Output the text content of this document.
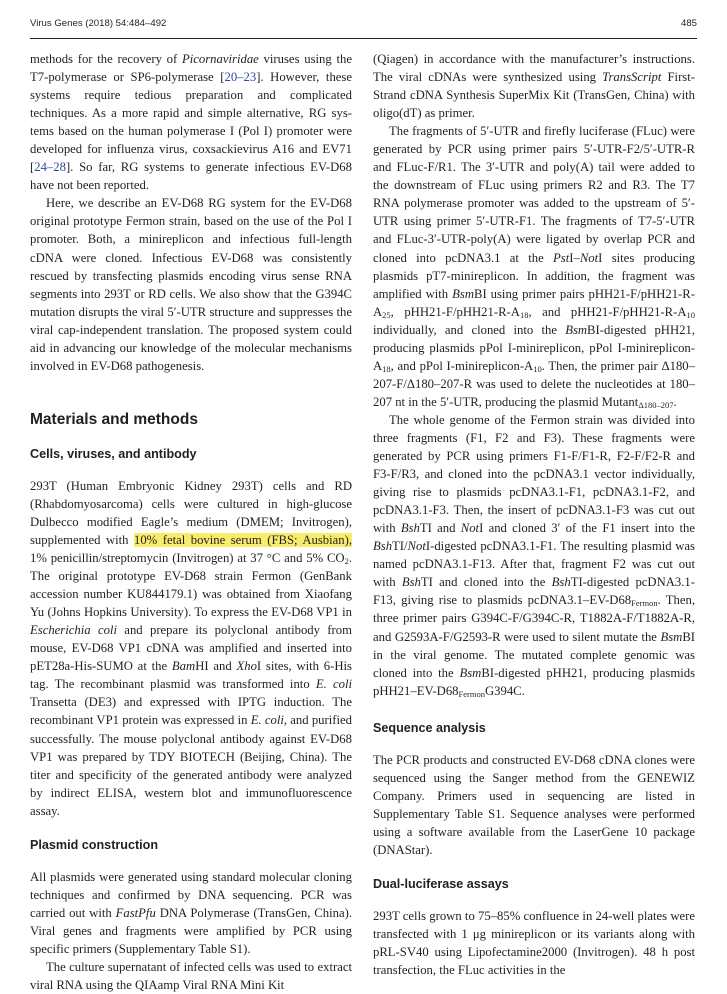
Virus Genes (2018) 54:484–492	485

methods for the recovery of Picornaviridae viruses using the T7-polymerase or SP6-polymerase [20–23]. However, these systems require tedious preparation and complicated techniques. As a more rapid and simple alternative, RG sys-tems based on the human polymerase I (Pol I) promoter were developed for influenza virus, coxsackievirus A16 and EV71 [24–28]. So far, RG systems to generate infectious EV-D68 have not been reported.

Here, we describe an EV-D68 RG system for the EV-D68 original prototype Fermon strain, based on the use of the Pol I promoter. Both, a minireplicon and infectious full-length cDNA were cloned. Infectious EV-D68 was consistently rescued by transfecting plasmids encoding virus sense RNA segments into 293T or RD cells. We also show that the G394C mutation disrupts the viral 5′-UTR structure and suppresses the viral cap-independent translation. The proposed system could aid in advancing our knowledge of the molecular mechanisms involved in EV-D68 pathogenesis.

Materials and methods
Cells, viruses, and antibody

293T (Human Embryonic Kidney 293T) cells and RD (Rhabdomyosarcoma) cells were cultured in high-glucose Dulbecco modified Eagle’s medium (DMEM; Invitrogen), supplemented with 10% fetal bovine serum (FBS; Ausbian), 1% penicillin/streptomycin (Invitrogen) at 37 °C and 5% $CO_2$. The original prototype EV-D68 strain Fermon (GenBank accession number KU844179.1) was obtained from Xiaofang Yu (Johns Hopkins University). To express the EV-D68 VP1 in Escherichia coli and prepare its polyclonal antibody from mouse, EV-D68 VP1 cDNA was amplified and inserted into pET28a-His-SUMO at the BamHI and XhoI sites, with 6-His tag. The recombinant plasmid was transformed into E. coli Transetta (DE3) and expressed with IPTG induction. The recombinant VP1 protein was expressed in E. coli, and purified successfully. The mouse polyclonal antibody against EV-D68 VP1 was prepared by TDY BIOTECH (Beijing, China). The titer and specificity of the generated antibody were analyzed by indirect ELISA, western blot and immunofluorescence assay.

Plasmid construction

All plasmids were generated using standard molecular cloning techniques and confirmed by DNA sequencing. PCR was carried out with FastPfu DNA Polymerase (TransGen, China). Viral genes and fragments were amplified by PCR using specific primers (Supplementary Table S1).

The culture supernatant of infected cells was used to extract viral RNA using the QIAamp Viral RNA Mini Kit

(Qiagen) in accordance with the manufacturer’s instructions. The viral cDNAs were synthesized using TransScript First-Strand cDNA Synthesis SuperMix Kit (TransGen, China) with oligo(dT) as primer.

The fragments of 5′-UTR and firefly luciferase (FLuc) were generated by PCR using primer pairs 5′-UTR-F2/5′-UTR-R and FLuc-F/R1. The 3′-UTR and poly(A) tail were added to the downstream of FLuc using primers R2 and R3. The T7 RNA polymerase promoter was added to the upstream of 5′-UTR using primer 5′-UTR-F1. The fragments of T7-5′-UTR and FLuc-3′-UTR-poly(A) were ligated by overlap PCR and cloned into pcDNA3.1 at the PstI–NotI sites producing plasmids pT7-minireplicon. In addition, the fragment was amplified with BsmBI using primer pairs $pHH21-F/pHH21-R-A_{25}$, $pHH21-F/pHH21-R-A_{18}$, and $pHH21-F/pHH21-R-A_{10}$ individually, and cloned into the BsmBI-digested pHH21, producing plasmids pPol I-minireplicon, pPol $I-minireplicon-A_{18}$, and pPol $I-minireplicon-A_{10}$. Then, the primer pair Δ180–207-F/Δ180–207-R was used to delete the nucleotides at 180–207 nt in the 5′-UTR, producing the plasmid Mutant$_{\Delta 180-207}$.

The whole genome of the Fermon strain was divided into three fragments (F1, F2 and F3). These fragments were generated by PCR using primers F1-F/F1-R, F2-F/F2-R and F3-F/R3, and cloned into the pcDNA3.1 vector individually, giving rise to plasmids pcDNA3.1-F1, pcDNA3.1-F2, and pcDNA3.1-F3. Then, the insert of pcDNA3.1-F3 was cut out with BshTI and NotI and cloned 3′ of the F1 insert into the BshTI/NotI-digested pcDNA3.1-F1. The resulting plasmid was named pcDNA3.1-F13. After that, fragment F2 was cut out with BshTI and cloned into the BshTI-digested pcDNA3.1-F13, giving rise to plasmids $pcDNA3.1-EV-D68_{Fermon}$. Then, three primer pairs G394C-F/G394C-R, T1882A-F/T1882A-R, and G2593A-F/G2593-R were used to silent mutate the BsmBI in the viral genome. The mutated complete genomic was cloned into the BsmBI-digested pHH21, producing plasmids $pHH21-EV-D68_{Fermon}G394C$.

Sequence analysis

The PCR products and constructed EV-D68 cDNA clones were sequenced using the Sanger method from the GENEWIZ Company. Primers used in sequencing are listed in Supplementary Table S1. Sequence analyses were performed using a software available from the LaserGene 10 package (DNAStar).

Dual-luciferase assays

293T cells grown to 75–85% confluence in 24-well plates were transfected with 1 μg minireplicon or its variants along with pRL-SV40 using Lipofectamine2000 (Invitrogen). 48 h post transfection, the FLuc activities in the
